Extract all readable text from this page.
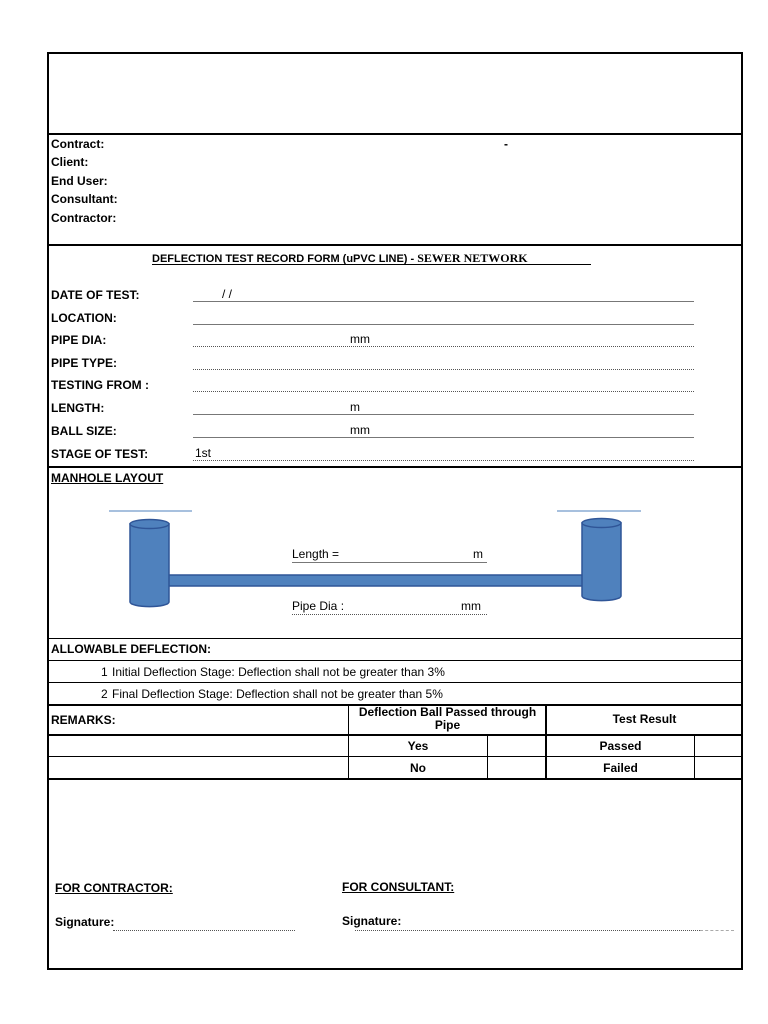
Contract:	-
Client:
End User:
Consultant:
Contractor:
DEFLECTION TEST RECORD FORM (uPVC LINE) - SEWER NETWORK
DATE OF TEST:	/ /
LOCATION:
PIPE DIA:	mm
PIPE TYPE:
TESTING FROM :
LENGTH:	m
BALL SIZE:	mm
STAGE OF TEST:	1st
MANHOLE LAYOUT
Length =	m
Pipe Dia :	mm
ALLOWABLE DEFLECTION:
1 Initial Deflection Stage: Deflection shall not be greater than 3%
2 Final Deflection Stage: Deflection shall not be greater than 5%
REMARKS:
Deflection Ball Passed through Pipe	Test Result
Yes	Passed
No	Failed
FOR CONTRACTOR:	FOR CONSULTANT:
Signature:	Signature:
